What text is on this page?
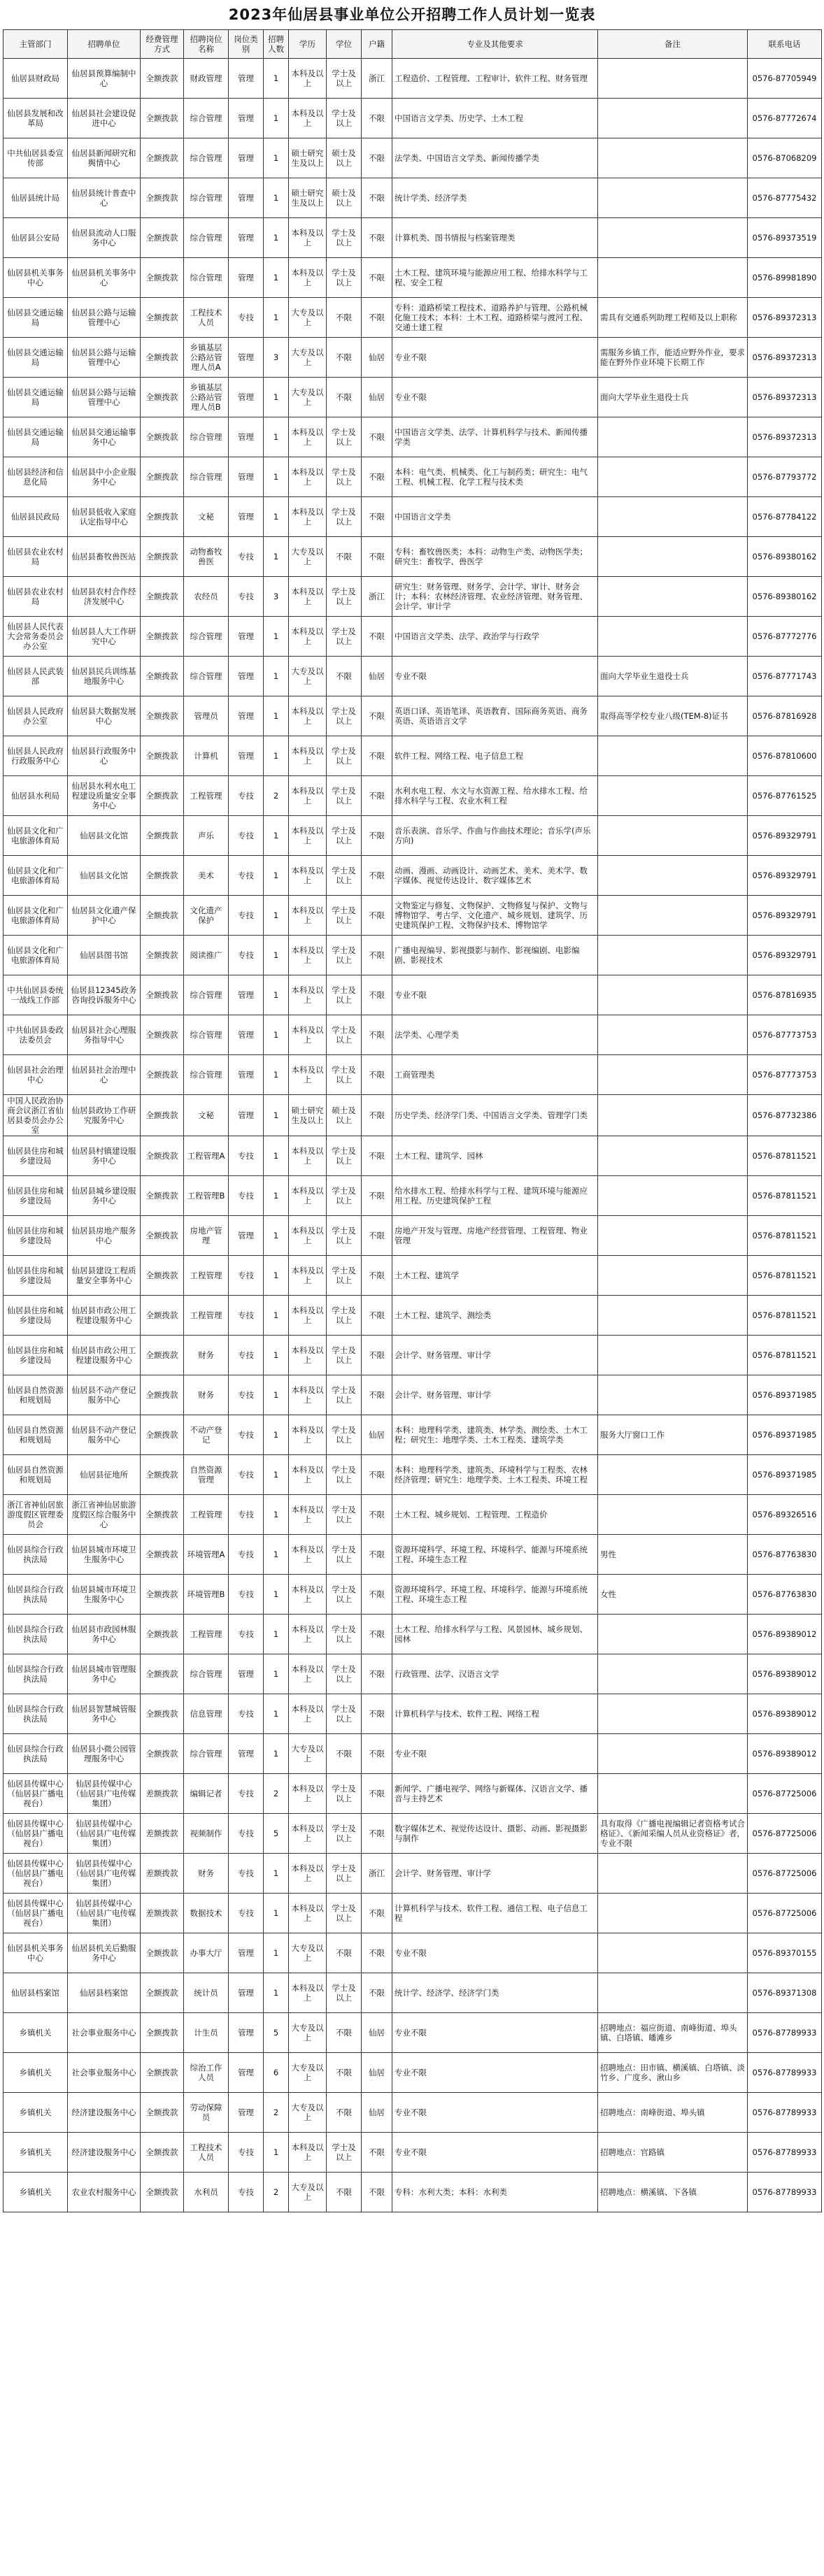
2023年仙居县事业单位公开招聘工作人员计划一览表
主管部门	招聘单位	经费管理方式	招聘岗位名称	岗位类别	招聘人数	学历	学位	户籍	专业及其他要求	备注	联系电话
仙居县财政局	仙居县预算编制中心	全额拨款	财政管理	管理	1	本科及以上	学士及以上	浙江	工程造价、工程管理、工程审计、软件工程、财务管理		0576-87705949
仙居县发展和改革局	仙居县社会建设促进中心	全额拨款	综合管理	管理	1	本科及以上	学士及以上	不限	中国语言文学类、历史学、土木工程		0576-87772674
中共仙居县委宣传部	仙居县新闻研究和舆情中心	全额拨款	综合管理	管理	1	硕士研究生及以上	硕士及以上	不限	法学类、中国语言文学类、新闻传播学类		0576-87068209
仙居县统计局	仙居县统计普查中心	全额拨款	综合管理	管理	1	硕士研究生及以上	硕士及以上	不限	统计学类、经济学类		0576-87775432
仙居县公安局	仙居县流动人口服务中心	全额拨款	综合管理	管理	1	本科及以上	学士及以上	不限	计算机类、图书情报与档案管理类		0576-89373519
仙居县机关事务中心	仙居县机关事务中心	全额拨款	综合管理	管理	1	本科及以上	学士及以上	不限	土木工程、建筑环境与能源应用工程、给排水科学与工程、安全工程		0576-89981890
仙居县交通运输局	仙居县公路与运输管理中心	全额拨款	工程技术人员	专技	1	大专及以上	不限	不限	专科：道路桥梁工程技术、道路养护与管理、公路机械化施工技术；本科：土木工程、道路桥梁与渡河工程、交通土建工程	需具有交通系列助理工程师及以上职称	0576-89372313
仙居县交通运输局	仙居县公路与运输管理中心	全额拨款	乡镇基层公路站管理人员A	管理	3	大专及以上	不限	仙居	专业不限	需服务乡镇工作，能适应野外作业，要求能在野外作业环境下长期工作	0576-89372313
仙居县交通运输局	仙居县公路与运输管理中心	全额拨款	乡镇基层公路站管理人员B	管理	1	大专及以上	不限	仙居	专业不限	面向大学毕业生退役士兵	0576-89372313
仙居县交通运输局	仙居县交通运输事务中心	全额拨款	综合管理	管理	1	本科及以上	学士及以上	不限	中国语言文学类、法学、计算机科学与技术、新闻传播学类		0576-89372313
仙居县经济和信息化局	仙居县中小企业服务中心	全额拨款	综合管理	管理	1	本科及以上	学士及以上	不限	本科：电气类、机械类、化工与制药类；研究生：电气工程、机械工程、化学工程与技术类		0576-87793772
仙居县民政局	仙居县低收入家庭认定指导中心	全额拨款	文秘	管理	1	本科及以上	学士及以上	不限	中国语言文学类		0576-87784122
仙居县农业农村局	仙居县畜牧兽医站	全额拨款	动物畜牧兽医	专技	1	大专及以上	不限	不限	专科：畜牧兽医类；本科：动物生产类、动物医学类；研究生：畜牧学、兽医学		0576-89380162
仙居县农业农村局	仙居县农村合作经济发展中心	全额拨款	农经员	专技	3	本科及以上	学士及以上	浙江	研究生：财务管理、财务学、会计学、审计、财务会计；本科：农林经济管理、农业经济管理、财务管理、会计学、审计学		0576-89380162
仙居县人民代表大会常务委员会办公室	仙居县人大工作研究中心	全额拨款	综合管理	管理	1	本科及以上	学士及以上	不限	中国语言文学类、法学、政治学与行政学		0576-87772776
仙居县人民武装部	仙居县民兵训练基地服务中心	全额拨款	综合管理	管理	1	大专及以上	不限	仙居	专业不限	面向大学毕业生退役士兵	0576-87771743
仙居县人民政府办公室	仙居县大数据发展中心	全额拨款	管理员	管理	1	本科及以上	学士及以上	不限	英语口译、英语笔译、英语教育、国际商务英语、商务英语、英语语言文学	取得高等学校专业八级(TEM-8)证书	0576-87816928
仙居县人民政府行政服务中心	仙居县行政服务中心	全额拨款	计算机	管理	1	本科及以上	学士及以上	不限	软件工程、网络工程、电子信息工程		0576-87810600
仙居县水利局	仙居县水利水电工程建设质量安全事务中心	全额拨款	工程管理	专技	2	本科及以上	学士及以上	不限	水利水电工程、水文与水资源工程、给水排水工程、给排水科学与工程、农业水利工程		0576-87761525
仙居县文化和广电旅游体育局	仙居县文化馆	全额拨款	声乐	专技	1	本科及以上	学士及以上	不限	音乐表演、音乐学、作曲与作曲技术理论；音乐学(声乐方向)		0576-89329791
仙居县文化和广电旅游体育局	仙居县文化馆	全额拨款	美术	专技	1	本科及以上	学士及以上	不限	动画、漫画、动画设计、动画艺术、美术、美术学、数字媒体、视觉传达设计、数字媒体艺术		0576-89329791
仙居县文化和广电旅游体育局	仙居县文化遗产保护中心	全额拨款	文化遗产保护	专技	1	本科及以上	学士及以上	不限	文物鉴定与修复、文物保护、文物修复与保护、文物与博物馆学、考古学、文化遗产、城乡规划、建筑学、历史建筑保护工程、文物保护技术、博物馆学		0576-89329791
仙居县文化和广电旅游体育局	仙居县图书馆	全额拨款	阅读推广	专技	1	本科及以上	学士及以上	不限	广播电视编导、影视摄影与制作、影视编剧、电影编剧、影视技术		0576-89329791
中共仙居县委统一战线工作部	仙居县12345政务咨询投诉服务中心	全额拨款	综合管理	管理	1	本科及以上	学士及以上	不限	专业不限		0576-87816935
中共仙居县委政法委员会	仙居县社会心理服务指导中心	全额拨款	综合管理	管理	1	本科及以上	学士及以上	不限	法学类、心理学类		0576-87773753
仙居县社会治理中心	仙居县社会治理中心	全额拨款	综合管理	管理	1	本科及以上	学士及以上	不限	工商管理类		0576-87773753
中国人民政治协商会议浙江省仙居县委员会办公室	仙居县政协工作研究服务中心	全额拨款	文秘	管理	1	硕士研究生及以上	硕士及以上	不限	历史学类、经济学门类、中国语言文学类、管理学门类		0576-87732386
仙居县住房和城乡建设局	仙居县村镇建设服务中心	全额拨款	工程管理A	专技	1	本科及以上	学士及以上	不限	土木工程、建筑学、园林		0576-87811521
仙居县住房和城乡建设局	仙居县城乡建设服务中心	全额拨款	工程管理B	专技	1	本科及以上	学士及以上	不限	给水排水工程、给排水科学与工程、建筑环境与能源应用工程、历史建筑保护工程		0576-87811521
仙居县住房和城乡建设局	仙居县房地产服务中心	全额拨款	房地产管理	管理	1	本科及以上	学士及以上	不限	房地产开发与管理、房地产经营管理、工程管理、物业管理		0576-87811521
仙居县住房和城乡建设局	仙居县建设工程质量安全事务中心	全额拨款	工程管理	专技	1	本科及以上	学士及以上	不限	土木工程、建筑学		0576-87811521
仙居县住房和城乡建设局	仙居县市政公用工程建设服务中心	全额拨款	工程管理	专技	1	本科及以上	学士及以上	不限	土木工程、建筑学、测绘类		0576-87811521
仙居县住房和城乡建设局	仙居县市政公用工程建设服务中心	全额拨款	财务	专技	1	本科及以上	学士及以上	不限	会计学、财务管理、审计学		0576-87811521
仙居县自然资源和规划局	仙居县不动产登记服务中心	全额拨款	财务	专技	1	本科及以上	学士及以上	不限	会计学、财务管理、审计学		0576-89371985
仙居县自然资源和规划局	仙居县不动产登记服务中心	全额拨款	不动产登记	专技	1	本科及以上	学士及以上	仙居	本科：地理科学类、建筑类、林学类、测绘类、土木工程；研究生：地理学类、土木工程类、建筑学类	服务大厅窗口工作	0576-89371985
仙居县自然资源和规划局	仙居县征地所	全额拨款	自然资源管理	专技	1	本科及以上	学士及以上	不限	本科：地理科学类、建筑类、环境科学与工程类、农林经济管理；研究生：地理学类、土木工程类、环境工程		0576-89371985
浙江省神仙居旅游度假区管理委员会	浙江省神仙居旅游度假区综合服务中心	全额拨款	工程管理	专技	1	本科及以上	学士及以上	不限	土木工程、城乡规划、工程管理、工程造价		0576-89326516
仙居县综合行政执法局	仙居县城市环境卫生服务中心	全额拨款	环境管理A	专技	1	本科及以上	学士及以上	不限	资源环境科学、环境工程、环境科学、能源与环境系统工程、环境生态工程	男性	0576-87763830
仙居县综合行政执法局	仙居县城市环境卫生服务中心	全额拨款	环境管理B	专技	1	本科及以上	学士及以上	不限	资源环境科学、环境工程、环境科学、能源与环境系统工程、环境生态工程	女性	0576-87763830
仙居县综合行政执法局	仙居县市政园林服务中心	全额拨款	工程管理	专技	1	本科及以上	学士及以上	不限	土木工程、给排水科学与工程、风景园林、城乡规划、园林		0576-89389012
仙居县综合行政执法局	仙居县城市管理服务中心	全额拨款	综合管理	管理	1	本科及以上	学士及以上	不限	行政管理、法学、汉语言文学		0576-89389012
仙居县综合行政执法局	仙居县智慧城管服务中心	全额拨款	信息管理	专技	1	本科及以上	学士及以上	不限	计算机科学与技术、软件工程、网络工程		0576-89389012
仙居县综合行政执法局	仙居县小微公园管理服务中心	全额拨款	综合管理	管理	1	大专及以上	不限	不限	专业不限		0576-89389012
仙居县传媒中心（仙居县广播电视台）	仙居县传媒中心（仙居县广电传媒集团）	差额拨款	编辑记者	专技	2	本科及以上	学士及以上	不限	新闻学、广播电视学、网络与新媒体、汉语言文学、播音与主持艺术		0576-87725006
仙居县传媒中心（仙居县广播电视台）	仙居县传媒中心（仙居县广电传媒集团）	差额拨款	视频制作	专技	5	本科及以上	学士及以上	不限	数字媒体艺术、视觉传达设计、摄影、动画、影视摄影与制作	具有取得《广播电视编辑记者资格考试合格证》、《新闻采编人员从业资格证》者，专业不限	0576-87725006
仙居县传媒中心（仙居县广播电视台）	仙居县传媒中心（仙居县广电传媒集团）	差额拨款	财务	专技	1	本科及以上	学士及以上	浙江	会计学、财务管理、审计学		0576-87725006
仙居县传媒中心（仙居县广播电视台）	仙居县传媒中心（仙居县广电传媒集团）	差额拨款	数据技术	专技	1	本科及以上	学士及以上	不限	计算机科学与技术、软件工程、通信工程、电子信息工程		0576-87725006
仙居县机关事务中心	仙居县机关后勤服务中心	全额拨款	办事大厅	管理	1	大专及以上	不限	不限	专业不限		0576-89370155
仙居县档案馆	仙居县档案馆	全额拨款	统计员	管理	1	本科及以上	学士及以上	不限	统计学、经济学、经济学门类		0576-89371308
乡镇机关	社会事业服务中心	全额拨款	计生员	管理	5	大专及以上	不限	仙居	专业不限	招聘地点：福应街道、南峰街道、埠头镇、白塔镇、皤滩乡	0576-87789933
乡镇机关	社会事业服务中心	全额拨款	综治工作人员	管理	6	大专及以上	不限	仙居	专业不限	招聘地点：田市镇、横溪镇、白塔镇、淡竹乡、广度乡、湫山乡	0576-87789933
乡镇机关	经济建设服务中心	全额拨款	劳动保障员	管理	2	大专及以上	不限	仙居	专业不限	招聘地点：南峰街道、埠头镇	0576-87789933
乡镇机关	经济建设服务中心	全额拨款	工程技术人员	专技	1	本科及以上	学士及以上	不限	专业不限	招聘地点：官路镇	0576-87789933
乡镇机关	农业农村服务中心	全额拨款	水利员	专技	2	大专及以上	不限	不限	专科：水利大类；本科：水利类	招聘地点：横溪镇、下各镇	0576-87789933
